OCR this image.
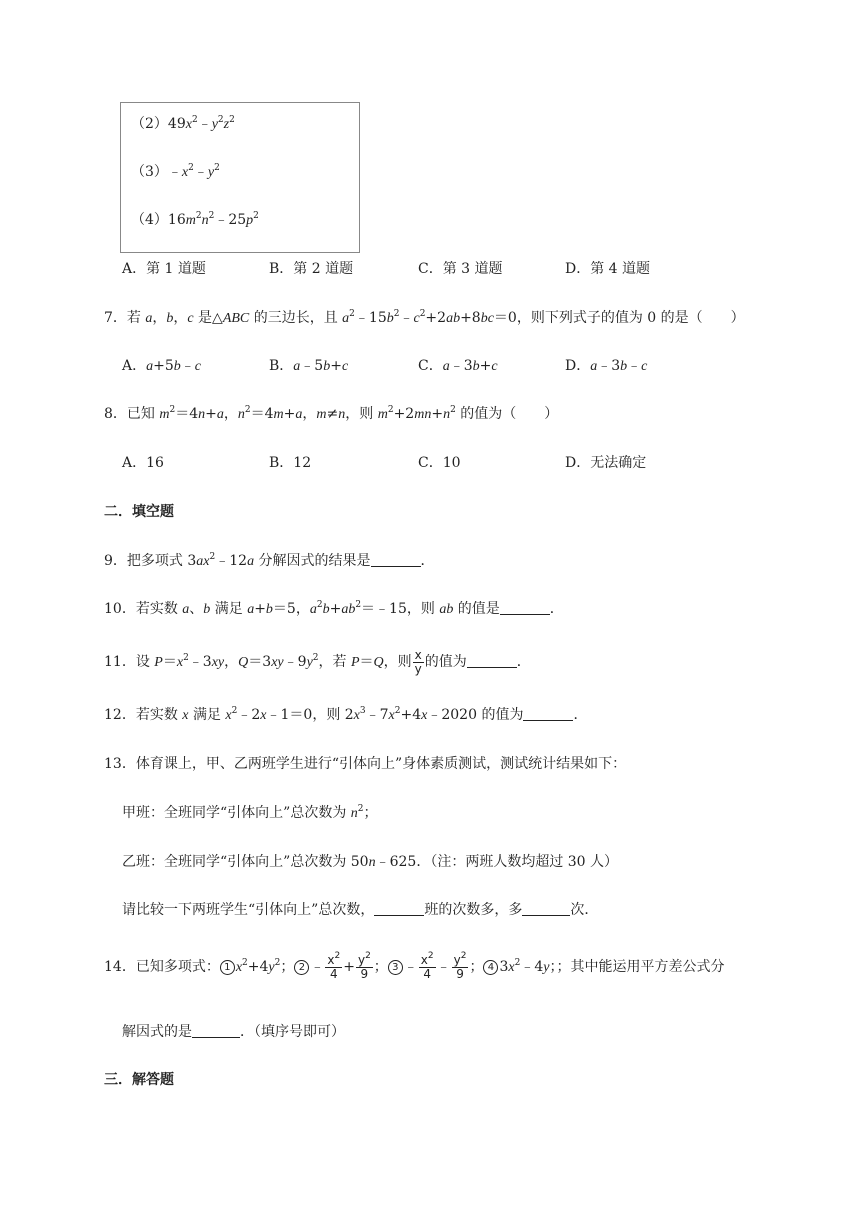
$(2)49x^2﹣y^2z^2$
$(3)﹣x^2﹣y^2$
$(4)16m^2n^2﹣25p^2$
A．第 1 道题	B．第 2 道题	C．第 3 道题	D．第 4 道题
7．若 a，b，c 是△ABC 的三边长，且 $a^2﹣15b^2﹣c^2+2ab+8bc=0$，则下列式子的值为 0 的是（　　）
A．a+5b﹣c	B．a﹣5b+c	C．a﹣3b+c	D．a﹣3b﹣c
8．已知 $m^2=4n+a$，$n^2=4m+a$，m≠n，则 $m^2+2mn+n^2$ 的值为（　　）
A．16	B．12	C．10	D．无法确定
二．填空题
9．把多项式 $3ax^2﹣12a$ 分解因式的结果是	．
10．若实数 a、b 满足 a+b＝5，$a^2b+ab^2=﹣15$，则 ab 的值是	．
11．设 $P=x^2﹣3xy$，$Q=3xy﹣9y^2$，若 P＝Q，则 $\frac{x}{y}$ 的值为	．
12．若实数 x 满足 $x^2﹣2x﹣1=0$，则 $2x^3﹣7x^2+4x﹣2020$ 的值为	．
13．体育课上，甲、乙两班学生进行“引体向上”身体素质测试，测试统计结果如下：
甲班：全班同学“引体向上”总次数为 $n^2$；
乙班：全班同学“引体向上”总次数为 50n﹣625．（注：两班人数均超过 30 人）
请比较一下两班学生“引体向上”总次数，	班的次数多，多	次．
14．已知多项式： 1 $x^2+4y^2$； 2 ﹣ $\frac{x^2}{4} + \frac{y^2}{9}$ ； 3 ﹣ $\frac{x^2}{4}$ ﹣ $\frac{y^2}{9}$ ； 4 $3x^2﹣4y$；；其中能运用平方差公式分
解因式的是	．（填序号即可）
三．解答题
